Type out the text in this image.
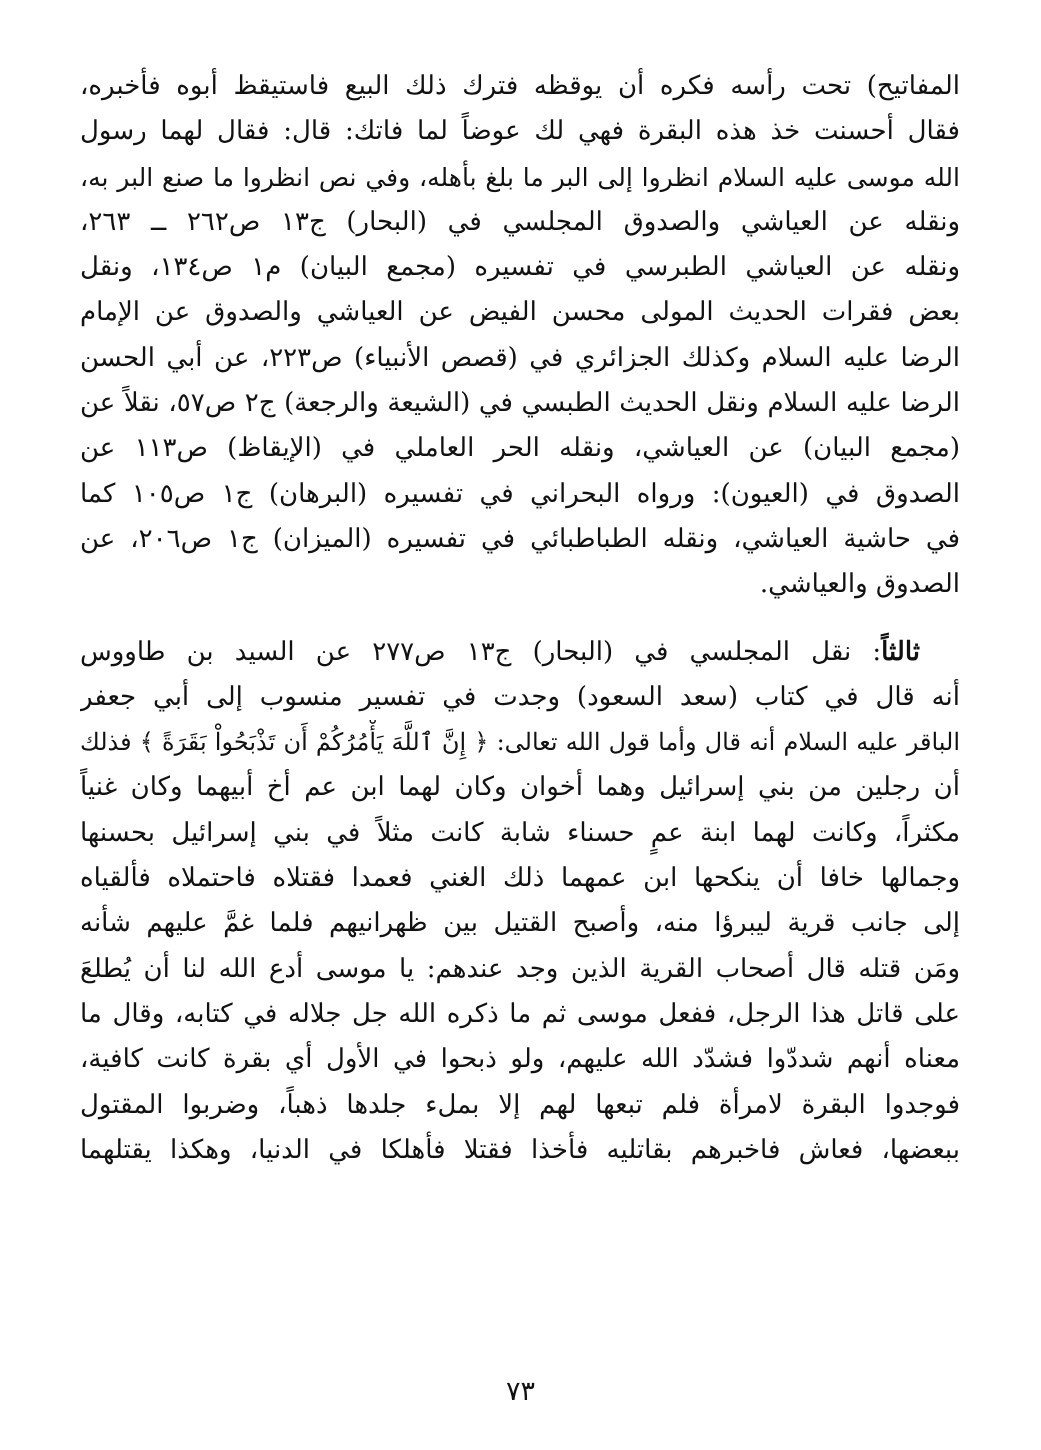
المفاتيح) تحت رأسه فكره أن يوقظه فترك ذلك البيع فاستيقظ أبوه فأخبره،
فقال أحسنت خذ هذه البقرة فهي لك عوضاً لما فاتك: قال: فقال لهما رسول
الله موسى عليه السلام انظروا إلى البر ما بلغ بأهله، وفي نص انظروا ما صنع البر به،
ونقله عن العياشي والصدوق المجلسي في (البحار) ج١٣ ص٢٦٢ ــ ٢٦٣،
ونقله عن العياشي الطبرسي في تفسيره (مجمع البيان) م١ ص١٣٤، ونقل
بعض فقرات الحديث المولى محسن الفيض عن العياشي والصدوق عن الإمام
الرضا عليه السلام وكذلك الجزائري في (قصص الأنبياء) ص٢٢٣، عن أبي الحسن
الرضا عليه السلام ونقل الحديث الطبسي في (الشيعة والرجعة) ج٢ ص٥٧، نقلاً عن
(مجمع البيان) عن العياشي، ونقله الحر العاملي في (الإيقاظ) ص١١٣ عن
الصدوق في (العيون): ورواه البحراني في تفسيره (البرهان) ج١ ص١٠٥ كما
في حاشية العياشي، ونقله الطباطبائي في تفسيره (الميزان) ج١ ص٢٠٦، عن
الصدوق والعياشي.
ثالثاً: نقل المجلسي في (البحار) ج١٣ ص٢٧٧ عن السيد بن طاووس
أنه قال في كتاب (سعد السعود) وجدت في تفسير منسوب إلى أبي جعفر
الباقر عليه السلام أنه قال وأما قول الله تعالى: ﴿ إِنَّ ٱللَّهَ يَأْمُرُكُمْ أَن تَذْبَحُواْ بَقَرَةً ﴾ فذلك
أن رجلين من بني إسرائيل وهما أخوان وكان لهما ابن عم أخ أبيهما وكان غنياً
مكثراً، وكانت لهما ابنة عمٍ حسناء شابة كانت مثلاً في بني إسرائيل بحسنها
وجمالها خافا أن ينكحها ابن عمهما ذلك الغني فعمدا فقتلاه فاحتملاه فألقياه
إلى جانب قرية ليبرؤا منه، وأصبح القتيل بين ظهرانيهم فلما غمَّ عليهم شأنه
ومَن قتله قال أصحاب القرية الذين وجد عندهم: يا موسى أدع الله لنا أن يُطلعَ
على قاتل هذا الرجل، ففعل موسى ثم ما ذكره الله جل جلاله في كتابه، وقال ما
معناه أنهم شددّوا فشدّد الله عليهم، ولو ذبحوا في الأول أي بقرة كانت كافية،
فوجدوا البقرة لامرأة فلم تبعها لهم إلا بملء جلدها ذهباً، وضربوا المقتول
ببعضها، فعاش فاخبرهم بقاتليه فأخذا فقتلا فأهلكا في الدنيا، وهكذا يقتلهما
٧٣
